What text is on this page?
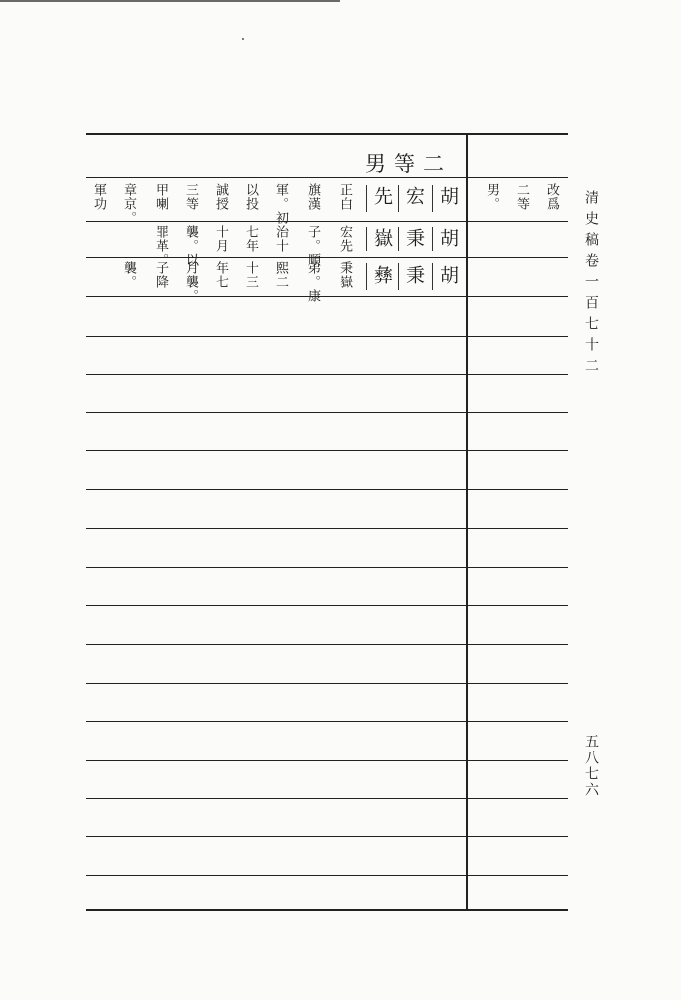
二等男
胡
宏
先
正白
旗漢
軍。初
以投
誠授
三等
甲喇
章京。
軍功
胡
秉
嶽
宏先
子。順
治十
七年
十月
襲。以
罪革。
胡
秉
彝
秉嶽
弟。康
熙二
十三
年七
月襲。
子降
襲。
改爲
二等
男。	清史稿卷一百七十二
五八七六
